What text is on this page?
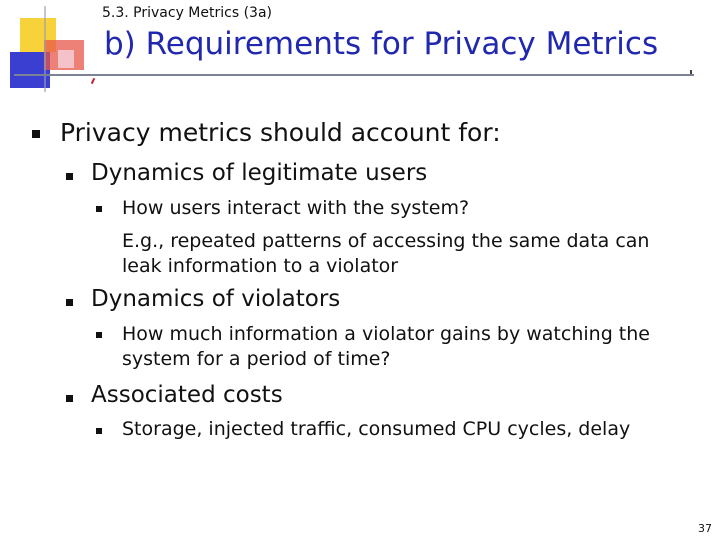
5.3. Privacy Metrics (3a)
b) Requirements for Privacy Metrics
Privacy metrics should account for:
Dynamics of legitimate users
How users interact with the system?
E.g., repeated patterns of accessing the same data can
leak information to a violator
Dynamics of violators
How much information a violator gains by watching the
system for a period of time?
Associated costs
Storage, injected traffic, consumed CPU cycles, delay
37
